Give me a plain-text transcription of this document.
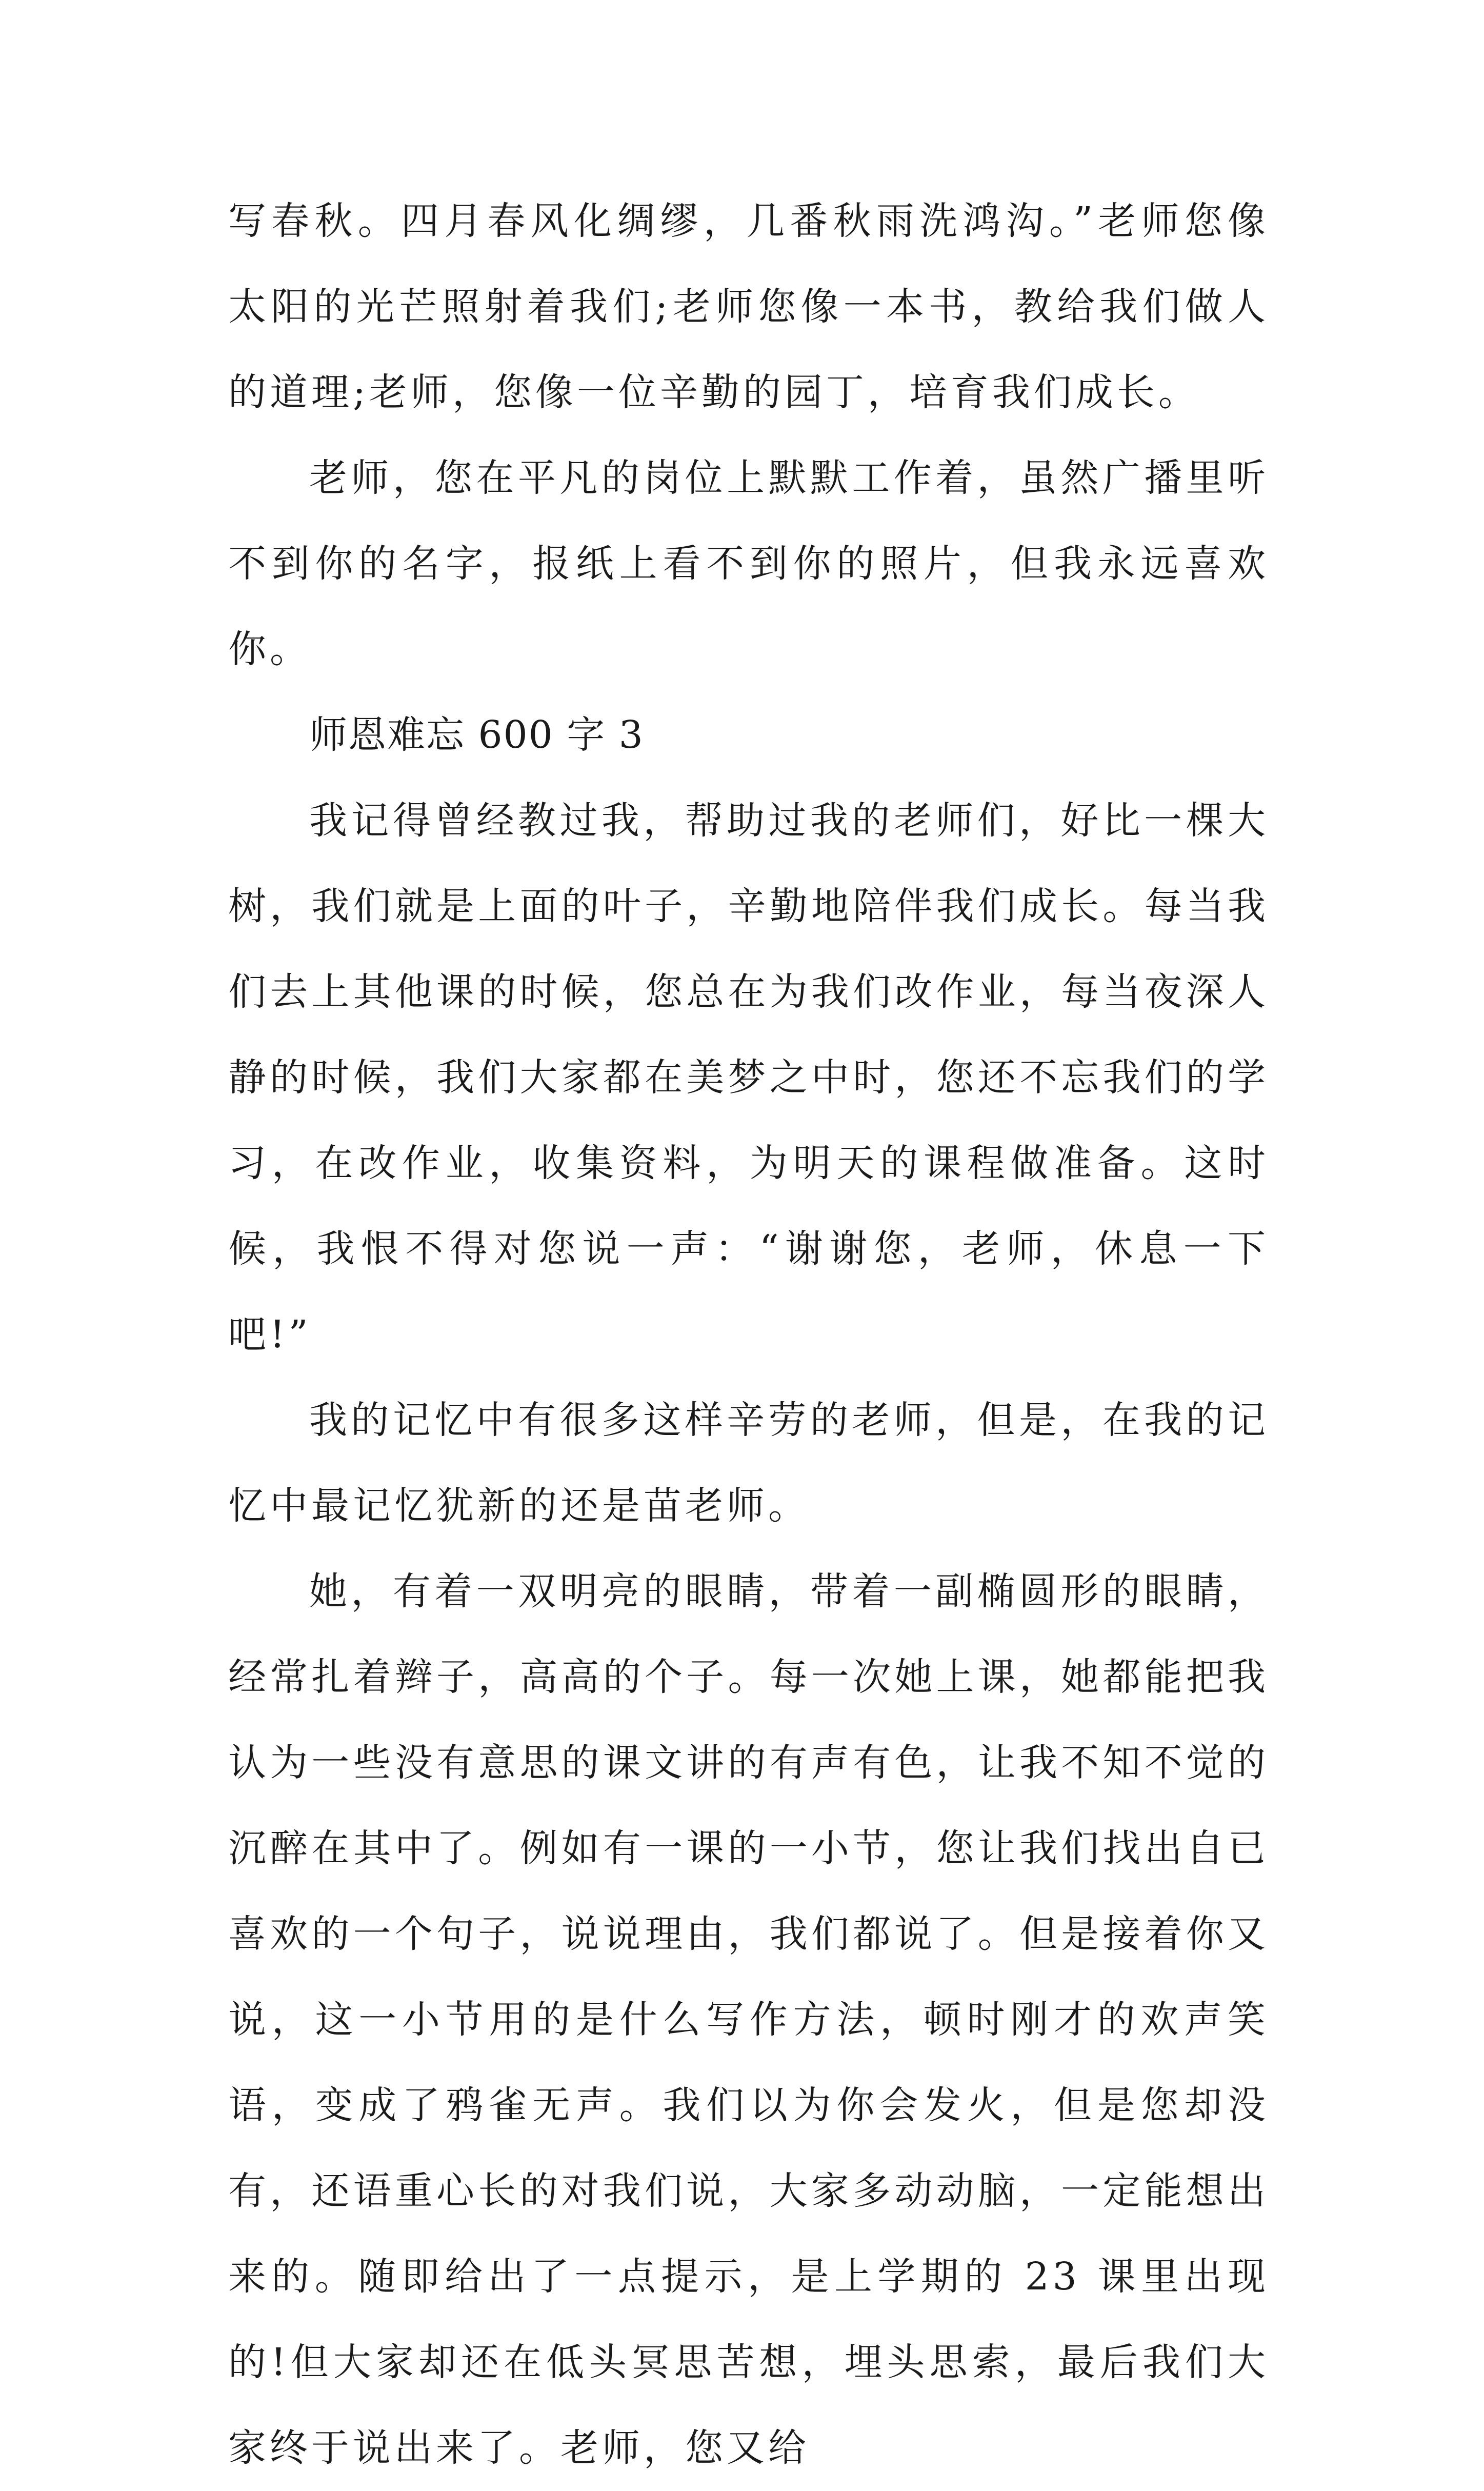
写春秋。四月春风化绸缪，几番秋雨洗鸿沟。”老师您像太阳的光芒照射着我们;老师您像一本书，教给我们做人的道理;老师，您像一位辛勤的园丁，培育我们成长。

老师，您在平凡的岗位上默默工作着，虽然广播里听不到你的名字，报纸上看不到你的照片，但我永远喜欢你。

师恩难忘 600 字 3

我记得曾经教过我，帮助过我的老师们，好比一棵大树，我们就是上面的叶子，辛勤地陪伴我们成长。每当我们去上其他课的时候，您总在为我们改作业，每当夜深人静的时候，我们大家都在美梦之中时，您还不忘我们的学习，在改作业，收集资料，为明天的课程做准备。这时候，我恨不得对您说一声：“谢谢您，老师，休息一下吧!”

我的记忆中有很多这样辛劳的老师，但是，在我的记忆中最记忆犹新的还是苗老师。

她，有着一双明亮的眼睛，带着一副椭圆形的眼睛，经常扎着辫子，高高的个子。每一次她上课，她都能把我认为一些没有意思的课文讲的有声有色，让我不知不觉的沉醉在其中了。例如有一课的一小节，您让我们找出自已喜欢的一个句子，说说理由，我们都说了。但是接着你又说，这一小节用的是什么写作方法，顿时刚才的欢声笑语，变成了鸦雀无声。我们以为你会发火，但是您却没有，还语重心长的对我们说，大家多动动脑，一定能想出来的。随即给出了一点提示，是上学期的 23 课里出现的!但大家却还在低头冥思苦想，埋头思索，最后我们大家终于说出来了。老师，您又给
